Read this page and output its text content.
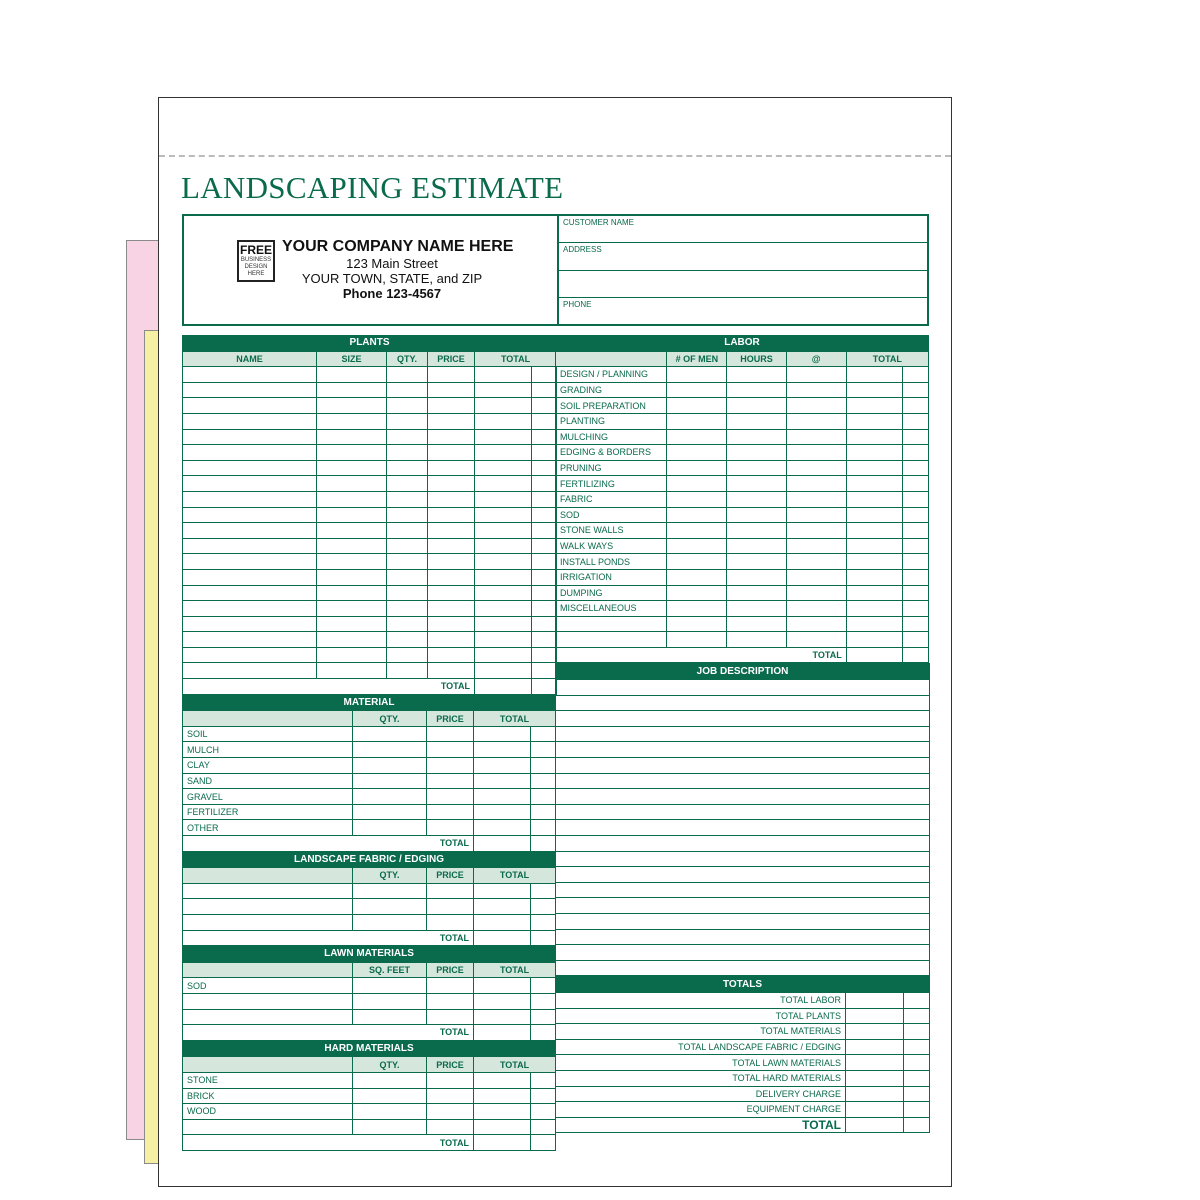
LANDSCAPING ESTIMATE
FREE
BUSINESS
DESIGN
HERE
YOUR COMPANY NAME HERE
123 Main Street
YOUR TOWN, STATE, and ZIP
Phone 123-4567
CUSTOMER NAME
ADDRESS
PHONE
PLANTS					
NAME	SIZE	QTY.	PRICE	TOTAL	

TOTAL					
MATERIAL				
	QTY.	PRICE	TOTAL	
SOIL				
MULCH				
CLAY				
SAND				
GRAVEL				
FERTILIZER				
OTHER				
TOTAL				
LANDSCAPE FABRIC / EDGING				
	QTY.	PRICE	TOTAL	

TOTAL				
LAWN MATERIALS				
	SQ. FEET	PRICE	TOTAL	
SOD				

TOTAL				
HARD MATERIALS				
	QTY.	PRICE	TOTAL	
STONE				
BRICK				
WOOD				

TOTAL				
LABOR					
	# OF MEN	HOURS	@	TOTAL	
DESIGN / PLANNING					
GRADING					
SOIL PREPARATION					
PLANTING					
MULCHING					
EDGING & BORDERS					
PRUNING					
FERTILIZING					
FABRIC					
SOD					
STONE WALLS					
WALK WAYS					
INSTALL PONDS					
IRRIGATION					
DUMPING					
MISCELLANEOUS					

TOTAL					
JOB DESCRIPTION

TOTALS		
TOTAL LABOR		
TOTAL PLANTS		
TOTAL MATERIALS		
TOTAL LANDSCAPE FABRIC / EDGING		
TOTAL LAWN MATERIALS		
TOTAL HARD MATERIALS		
DELIVERY CHARGE		
EQUIPMENT CHARGE		
TOTAL		
